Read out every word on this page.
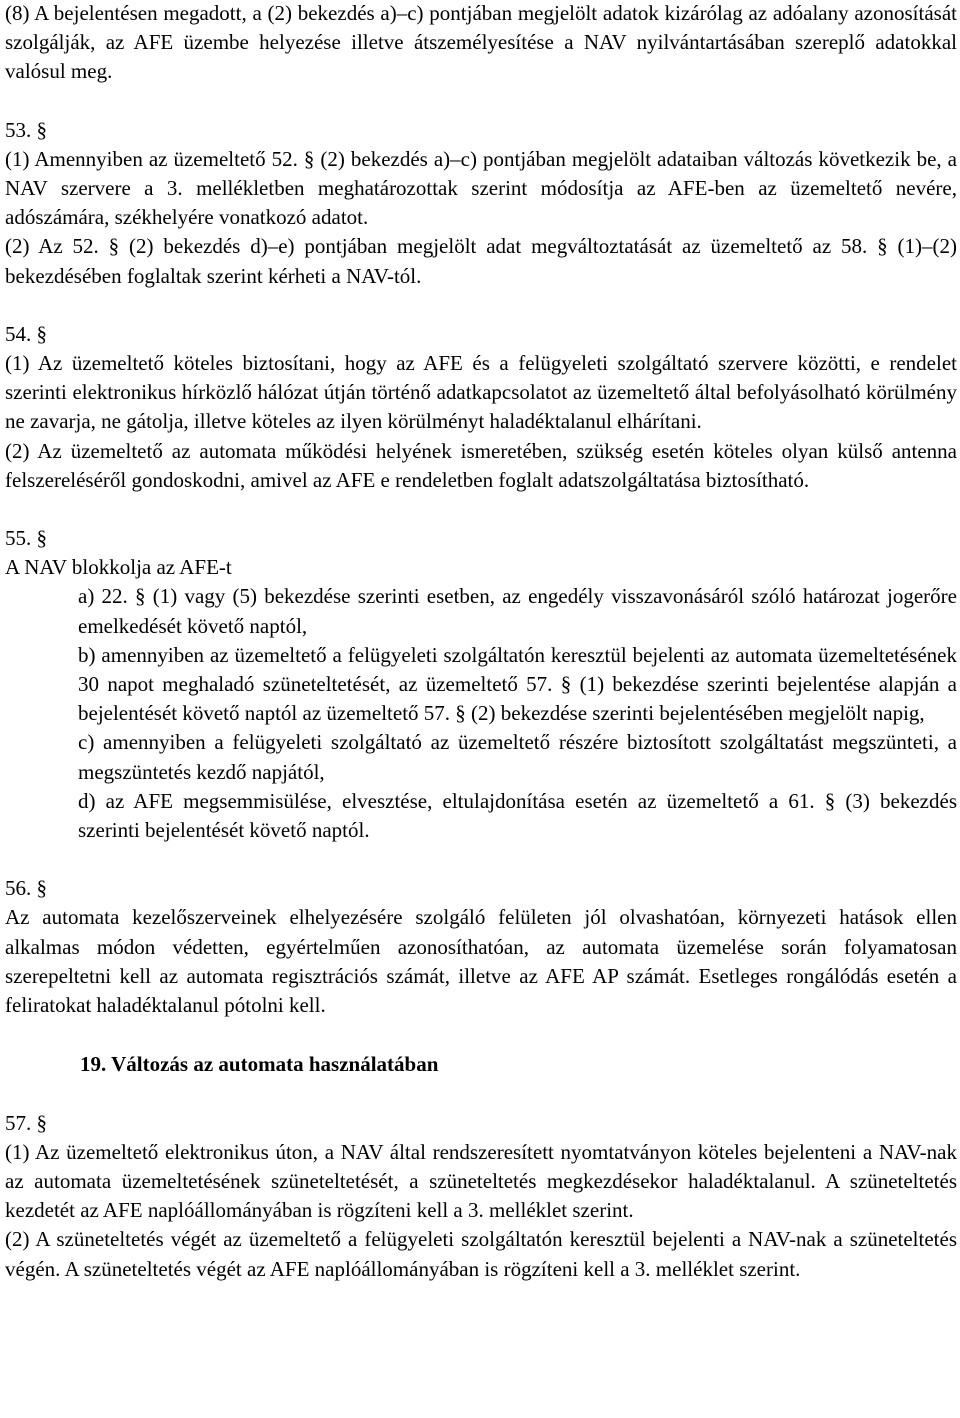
(8) A bejelentésen megadott, a (2) bekezdés a)–c) pontjában megjelölt adatok kizárólag az adóalany azonosítását szolgálják, az AFE üzembe helyezése illetve átszemélyesítése a NAV nyilvántartásában szereplő adatokkal valósul meg.

53. §

(1) Amennyiben az üzemeltető 52. § (2) bekezdés a)–c) pontjában megjelölt adataiban változás következik be, a NAV szervere a 3. mellékletben meghatározottak szerint módosítja az AFE-ben az üzemeltető nevére, adószámára, székhelyére vonatkozó adatot.

(2) Az 52. § (2) bekezdés d)–e) pontjában megjelölt adat megváltoztatását az üzemeltető az 58. § (1)–(2) bekezdésében foglaltak szerint kérheti a NAV-tól.

54. §

(1) Az üzemeltető köteles biztosítani, hogy az AFE és a felügyeleti szolgáltató szervere közötti, e rendelet szerinti elektronikus hírközlő hálózat útján történő adatkapcsolatot az üzemeltető által befolyásolható körülmény ne zavarja, ne gátolja, illetve köteles az ilyen körülményt haladéktalanul elhárítani.

(2) Az üzemeltető az automata működési helyének ismeretében, szükség esetén köteles olyan külső antenna felszereléséről gondoskodni, amivel az AFE e rendeletben foglalt adatszolgáltatása biztosítható.

55. §

A NAV blokkolja az AFE-t

a) 22. § (1) vagy (5) bekezdése szerinti esetben, az engedély visszavonásáról szóló határozat jogerőre emelkedését követő naptól,

b) amennyiben az üzemeltető a felügyeleti szolgáltatón keresztül bejelenti az automata üzemeltetésének 30 napot meghaladó szüneteltetését, az üzemeltető 57. § (1) bekezdése szerinti bejelentése alapján a bejelentését követő naptól az üzemeltető 57. § (2) bekezdése szerinti bejelentésében megjelölt napig,

c) amennyiben a felügyeleti szolgáltató az üzemeltető részére biztosított szolgáltatást megszünteti, a megszüntetés kezdő napjától,

d) az AFE megsemmisülése, elvesztése, eltulajdonítása esetén az üzemeltető a 61. § (3) bekezdés szerinti bejelentését követő naptól.

56. §

Az automata kezelőszerveinek elhelyezésére szolgáló felületen jól olvashatóan, környezeti hatások ellen alkalmas módon védetten, egyértelműen azonosíthatóan, az automata üzemelése során folyamatosan szerepeltetni kell az automata regisztrációs számát, illetve az AFE AP számát. Esetleges rongálódás esetén a feliratokat haladéktalanul pótolni kell.

19. Változás az automata használatában

57. §

(1) Az üzemeltető elektronikus úton, a NAV által rendszeresített nyomtatványon köteles bejelenteni a NAV-nak az automata üzemeltetésének szüneteltetését, a szüneteltetés megkezdésekor haladéktalanul. A szüneteltetés kezdetét az AFE naplóállományában is rögzíteni kell a 3. melléklet szerint.

(2) A szüneteltetés végét az üzemeltető a felügyeleti szolgáltatón keresztül bejelenti a NAV-nak a szüneteltetés végén. A szüneteltetés végét az AFE naplóállományában is rögzíteni kell a 3. melléklet szerint.
